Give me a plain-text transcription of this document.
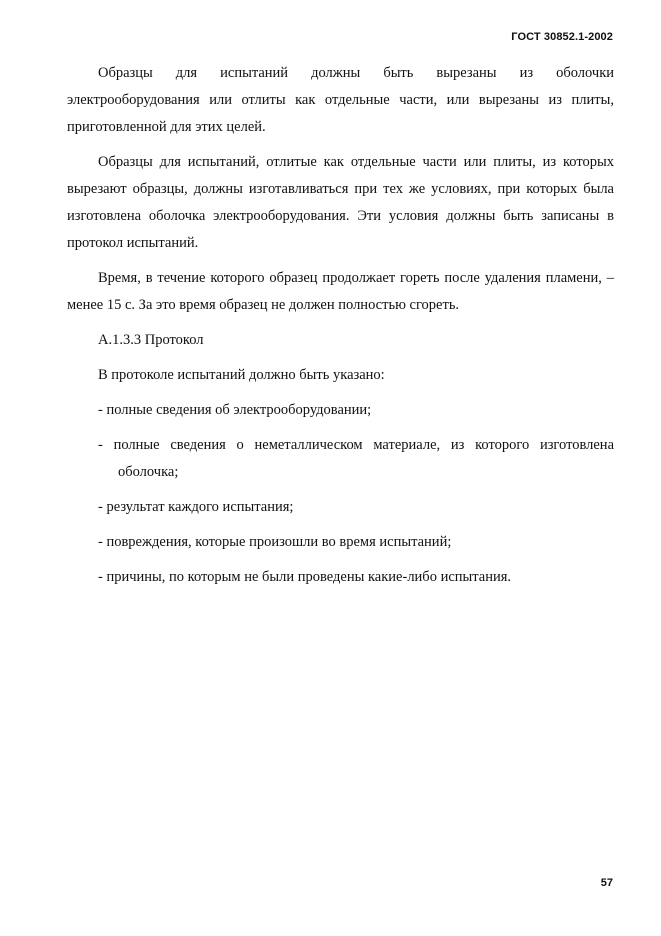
ГОСТ 30852.1-2002

Образцы для испытаний должны быть вырезаны из оболочки электрооборудования или отлиты как отдельные части, или вырезаны из плиты, приготовленной для этих целей.

Образцы для испытаний, отлитые как отдельные части или плиты, из которых вырезают образцы, должны изготавливаться при тех же условиях, при которых была изготовлена оболочка электрооборудования. Эти условия должны быть записаны в протокол испытаний.

Время, в течение которого образец продолжает гореть после удаления пламени, – менее 15 с. За это время образец не должен полностью сгореть.

А.1.3.3 Протокол
В протоколе испытаний должно быть указано:
- полные сведения об электрооборудовании;
- полные сведения о неметаллическом материале, из которого изготовлена оболочка;
- результат каждого испытания;
- повреждения, которые произошли во время испытаний;
- причины, по которым не были проведены какие-либо испытания.
57
